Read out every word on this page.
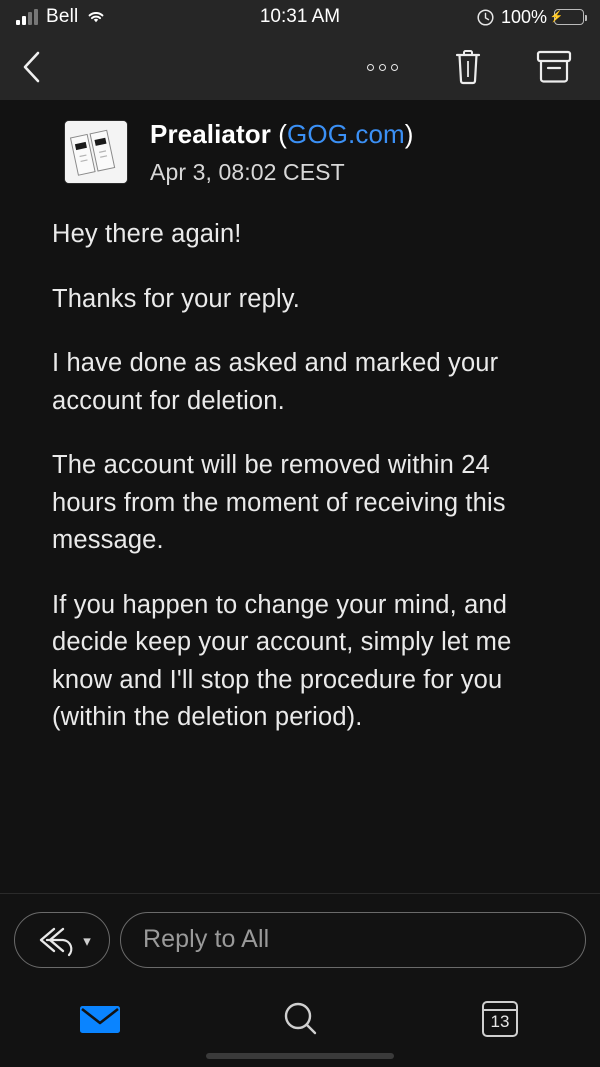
Bell	10:31 AM	100% ⚡
Prealiator (GOG.com)
Apr 3, 08:02 CEST

Hey there again!

Thanks for your reply.

I have done as asked and marked your account for deletion.

The account will be removed within 24 hours from the moment of receiving this message.

If you happen to change your mind, and decide keep your account, simply let me know and I'll stop the procedure for you (within the deletion period).

▾ Reply to All
13
